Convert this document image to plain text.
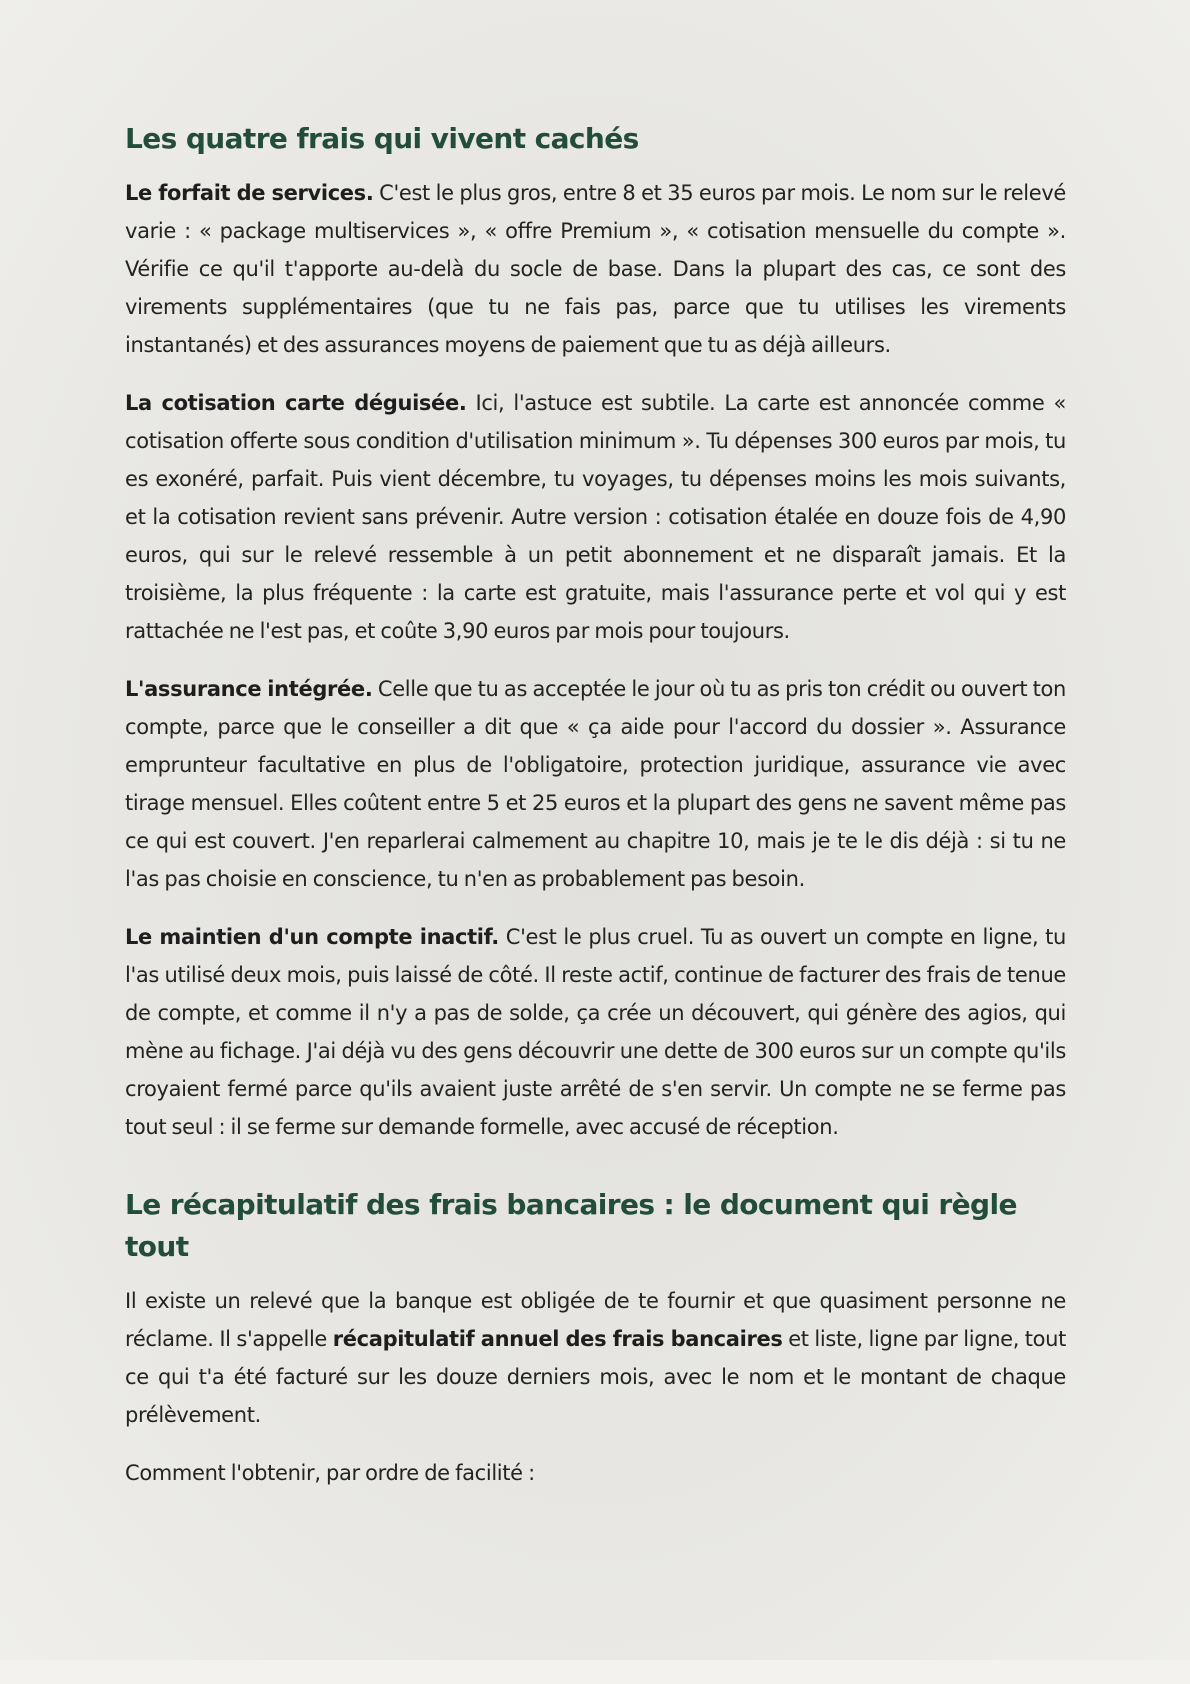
Les quatre frais qui vivent cachés

Le forfait de services. C'est le plus gros, entre 8 et 35 euros par mois. Le nom sur le relevé varie : « package multiservices », « offre Premium », « cotisation mensuelle du compte ». Vérifie ce qu'il t'apporte au-delà du socle de base. Dans la plupart des cas, ce sont des virements supplémentaires (que tu ne fais pas, parce que tu utilises les virements instantanés) et des assurances moyens de paiement que tu as déjà ailleurs.

La cotisation carte déguisée. Ici, l'astuce est subtile. La carte est annoncée comme « cotisation offerte sous condition d'utilisation minimum ». Tu dépenses 300 euros par mois, tu es exonéré, parfait. Puis vient décembre, tu voyages, tu dépenses moins les mois suivants, et la cotisation revient sans prévenir. Autre version : cotisation étalée en douze fois de 4,90 euros, qui sur le relevé ressemble à un petit abonnement et ne disparaît jamais. Et la troisième, la plus fréquente : la carte est gratuite, mais l'assurance perte et vol qui y est rattachée ne l'est pas, et coûte 3,90 euros par mois pour toujours.

L'assurance intégrée. Celle que tu as acceptée le jour où tu as pris ton crédit ou ouvert ton compte, parce que le conseiller a dit que « ça aide pour l'accord du dossier ». Assurance emprunteur facultative en plus de l'obligatoire, protection juridique, assurance vie avec tirage mensuel. Elles coûtent entre 5 et 25 euros et la plupart des gens ne savent même pas ce qui est couvert. J'en reparlerai calmement au chapitre 10, mais je te le dis déjà : si tu ne l'as pas choisie en conscience, tu n'en as probablement pas besoin.

Le maintien d'un compte inactif. C'est le plus cruel. Tu as ouvert un compte en ligne, tu l'as utilisé deux mois, puis laissé de côté. Il reste actif, continue de facturer des frais de tenue de compte, et comme il n'y a pas de solde, ça crée un découvert, qui génère des agios, qui mène au fichage. J'ai déjà vu des gens découvrir une dette de 300 euros sur un compte qu'ils croyaient fermé parce qu'ils avaient juste arrêté de s'en servir. Un compte ne se ferme pas tout seul : il se ferme sur demande formelle, avec accusé de réception.

Le récapitulatif des frais bancaires : le document qui règle tout

Il existe un relevé que la banque est obligée de te fournir et que quasiment personne ne réclame. Il s'appelle récapitulatif annuel des frais bancaires et liste, ligne par ligne, tout ce qui t'a été facturé sur les douze derniers mois, avec le nom et le montant de chaque prélèvement.

Comment l'obtenir, par ordre de facilité :
